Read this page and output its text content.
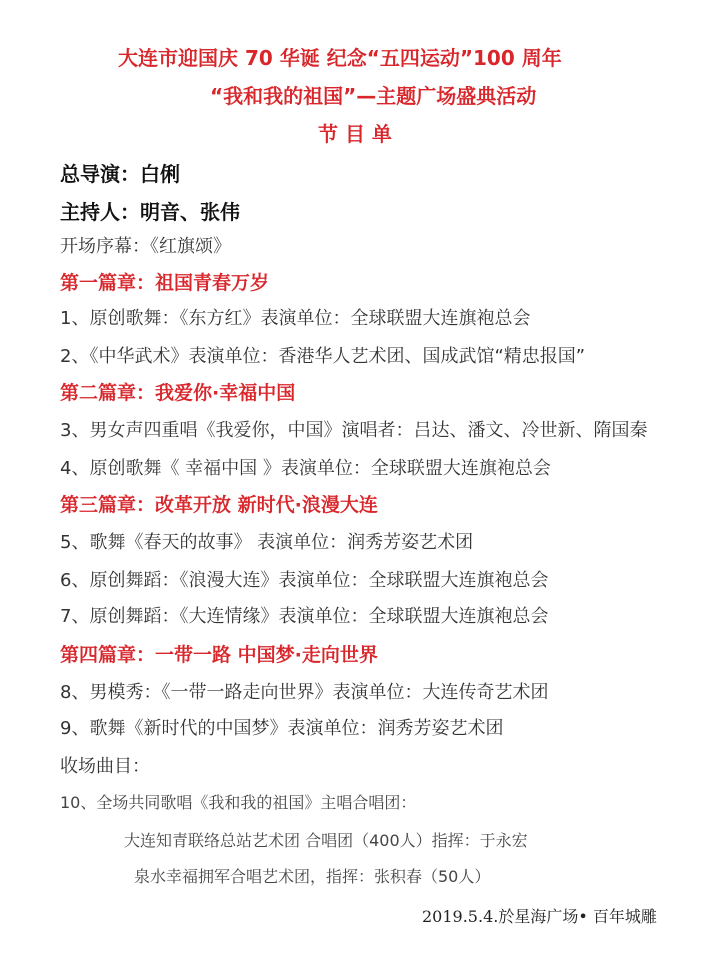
大连市迎国庆 70 华诞 纪念“五四运动”100 周年
“我和我的祖国”—主题广场盛典活动
节 目 单
总导演：白俐
主持人：明音、张伟
开场序幕：《红旗颂》
第一篇章：祖国青春万岁
1、原创歌舞：《东方红》表演单位：全球联盟大连旗袍总会
2、《中华武术》表演单位：香港华人艺术团、国成武馆“精忠报国”
第二篇章：我爱你·幸福中国
3、男女声四重唱《我爱你，中国》演唱者：吕达、潘文、冷世新、隋国秦
4、原创歌舞《 幸福中国 》表演单位：全球联盟大连旗袍总会
第三篇章：改革开放 新时代·浪漫大连
5、歌舞《春天的故事》 表演单位：润秀芳姿艺术团
6、原创舞蹈：《浪漫大连》表演单位：全球联盟大连旗袍总会
7、原创舞蹈：《大连情缘》表演单位：全球联盟大连旗袍总会
第四篇章：一带一路 中国梦·走向世界
8、男模秀：《一带一路走向世界》表演单位：大连传奇艺术团
9、歌舞《新时代的中国梦》表演单位：润秀芳姿艺术团
收场曲目：
10、全场共同歌唱《我和我的祖国》主唱合唱团：
大连知青联络总站艺术团 合唱团（400人）指挥：于永宏
泉水幸福拥军合唱艺术团，指挥：张积春（50人）
2019.5.4.於星海广场• 百年城雕
